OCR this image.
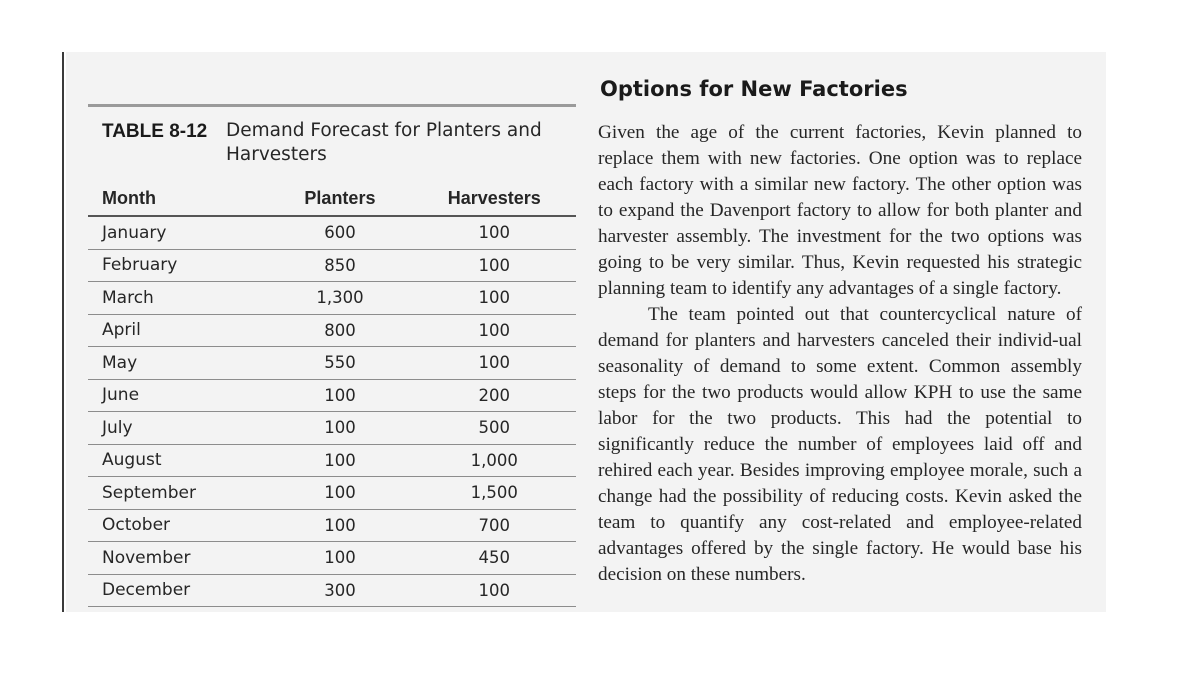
TABLE 8-12	Demand Forecast for Planters and
Harvesters
Month	Planters	Harvesters
January	600	100
February	850	100
March	1,300	100
April	800	100
May	550	100
June	100	200
July	100	500
August	100	1,000
September	100	1,500
October	100	700
November	100	450
December	300	100
Options for New Factories

Given the age of the current factories, Kevin planned to replace them with new factories. One option was to replace each factory with a similar new factory. The other option was to expand the Davenport factory to allow for both planter and harvester assembly. The investment for the two options was going to be very similar. Thus, Kevin requested his strategic planning team to identify any advantages of a single factory.

The team pointed out that countercyclical nature of demand for planters and harvesters canceled their individ-ual seasonality of demand to some extent. Common assembly steps for the two products would allow KPH to use the same labor for the two products. This had the potential to significantly reduce the number of employees laid off and rehired each year. Besides improving employee morale, such a change had the possibility of reducing costs. Kevin asked the team to quantify any cost-related and employee-related advantages offered by the single factory. He would base his decision on these numbers.
